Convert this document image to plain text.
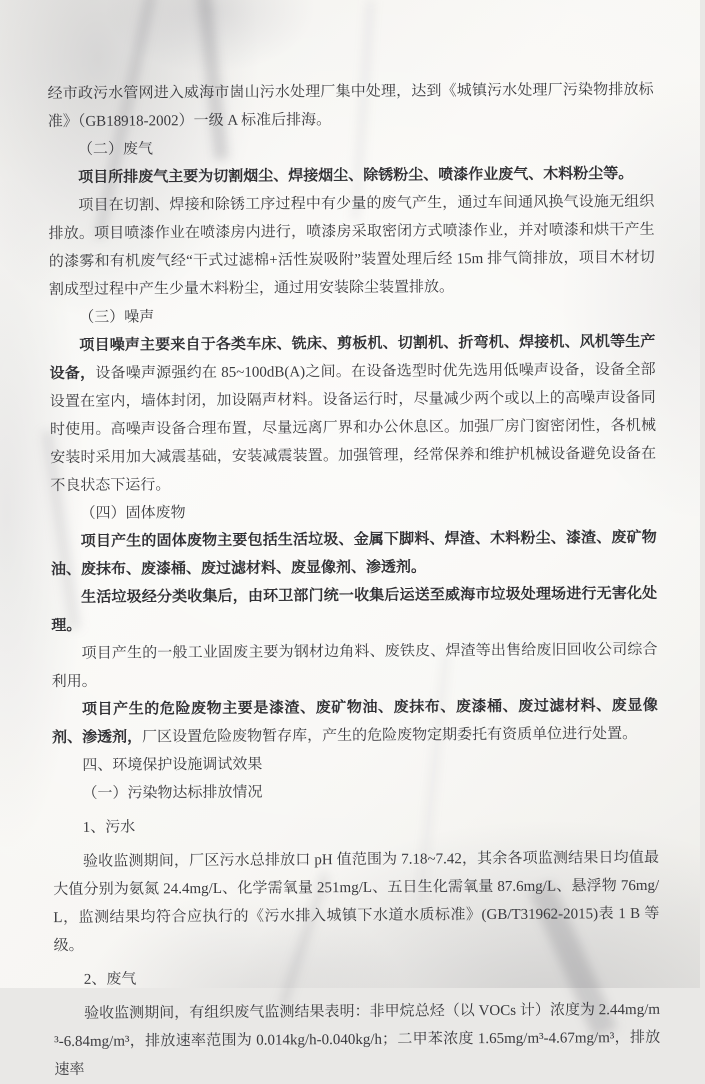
经市政污水管网进入威海市崮山污水处理厂集中处理，达到《城镇污水处理厂污染物排放标准》（GB18918-2002）一级 A 标准后排海。

（二）废气

项目所排废气主要为切割烟尘、焊接烟尘、除锈粉尘、喷漆作业废气、木料粉尘等。

项目在切割、焊接和除锈工序过程中有少量的废气产生，通过车间通风换气设施无组织排放。项目喷漆作业在喷漆房内进行，喷漆房采取密闭方式喷漆作业，并对喷漆和烘干产生的漆雾和有机废气经“干式过滤棉+活性炭吸附”装置处理后经 15m 排气筒排放，项目木材切割成型过程中产生少量木料粉尘，通过用安装除尘装置排放。

（三）噪声

项目噪声主要来自于各类车床、铣床、剪板机、切割机、折弯机、焊接机、风机等生产设备，设备噪声源强约在 85~100dB(A)之间。在设备选型时优先选用低噪声设备，设备全部设置在室内，墙体封闭，加设隔声材料。设备运行时，尽量减少两个或以上的高噪声设备同时使用。高噪声设备合理布置，尽量远离厂界和办公休息区。加强厂房门窗密闭性，各机械安装时采用加大减震基础，安装减震装置。加强管理，经常保养和维护机械设备避免设备在不良状态下运行。

（四）固体废物

项目产生的固体废物主要包括生活垃圾、金属下脚料、焊渣、木料粉尘、漆渣、废矿物油、废抹布、废漆桶、废过滤材料、废显像剂、渗透剂。

生活垃圾经分类收集后，由环卫部门统一收集后运送至威海市垃圾处理场进行无害化处理。

项目产生的一般工业固废主要为钢材边角料、废铁皮、焊渣等出售给废旧回收公司综合利用。

项目产生的危险废物主要是漆渣、废矿物油、废抹布、废漆桶、废过滤材料、废显像剂、渗透剂，厂区设置危险废物暂存库，产生的危险废物定期委托有资质单位进行处置。

四、环境保护设施调试效果

（一）污染物达标排放情况

1、污水

验收监测期间，厂区污水总排放口 pH 值范围为 7.18~7.42，其余各项监测结果日均值最大值分别为氨氮 24.4mg/L、化学需氧量 251mg/L、五日生化需氧量 87.6mg/L、悬浮物 76mg/L，监测结果均符合应执行的《污水排入城镇下水道水质标准》(GB/T31962-2015)表 1 B 等级。

2、废气

验收监测期间，有组织废气监测结果表明：非甲烷总烃（以 VOCs 计）浓度为 2.44mg/m³-6.84mg/m³，排放速率范围为 0.014kg/h-0.040kg/h；二甲苯浓度 1.65mg/m³-4.67mg/m³，排放速率
